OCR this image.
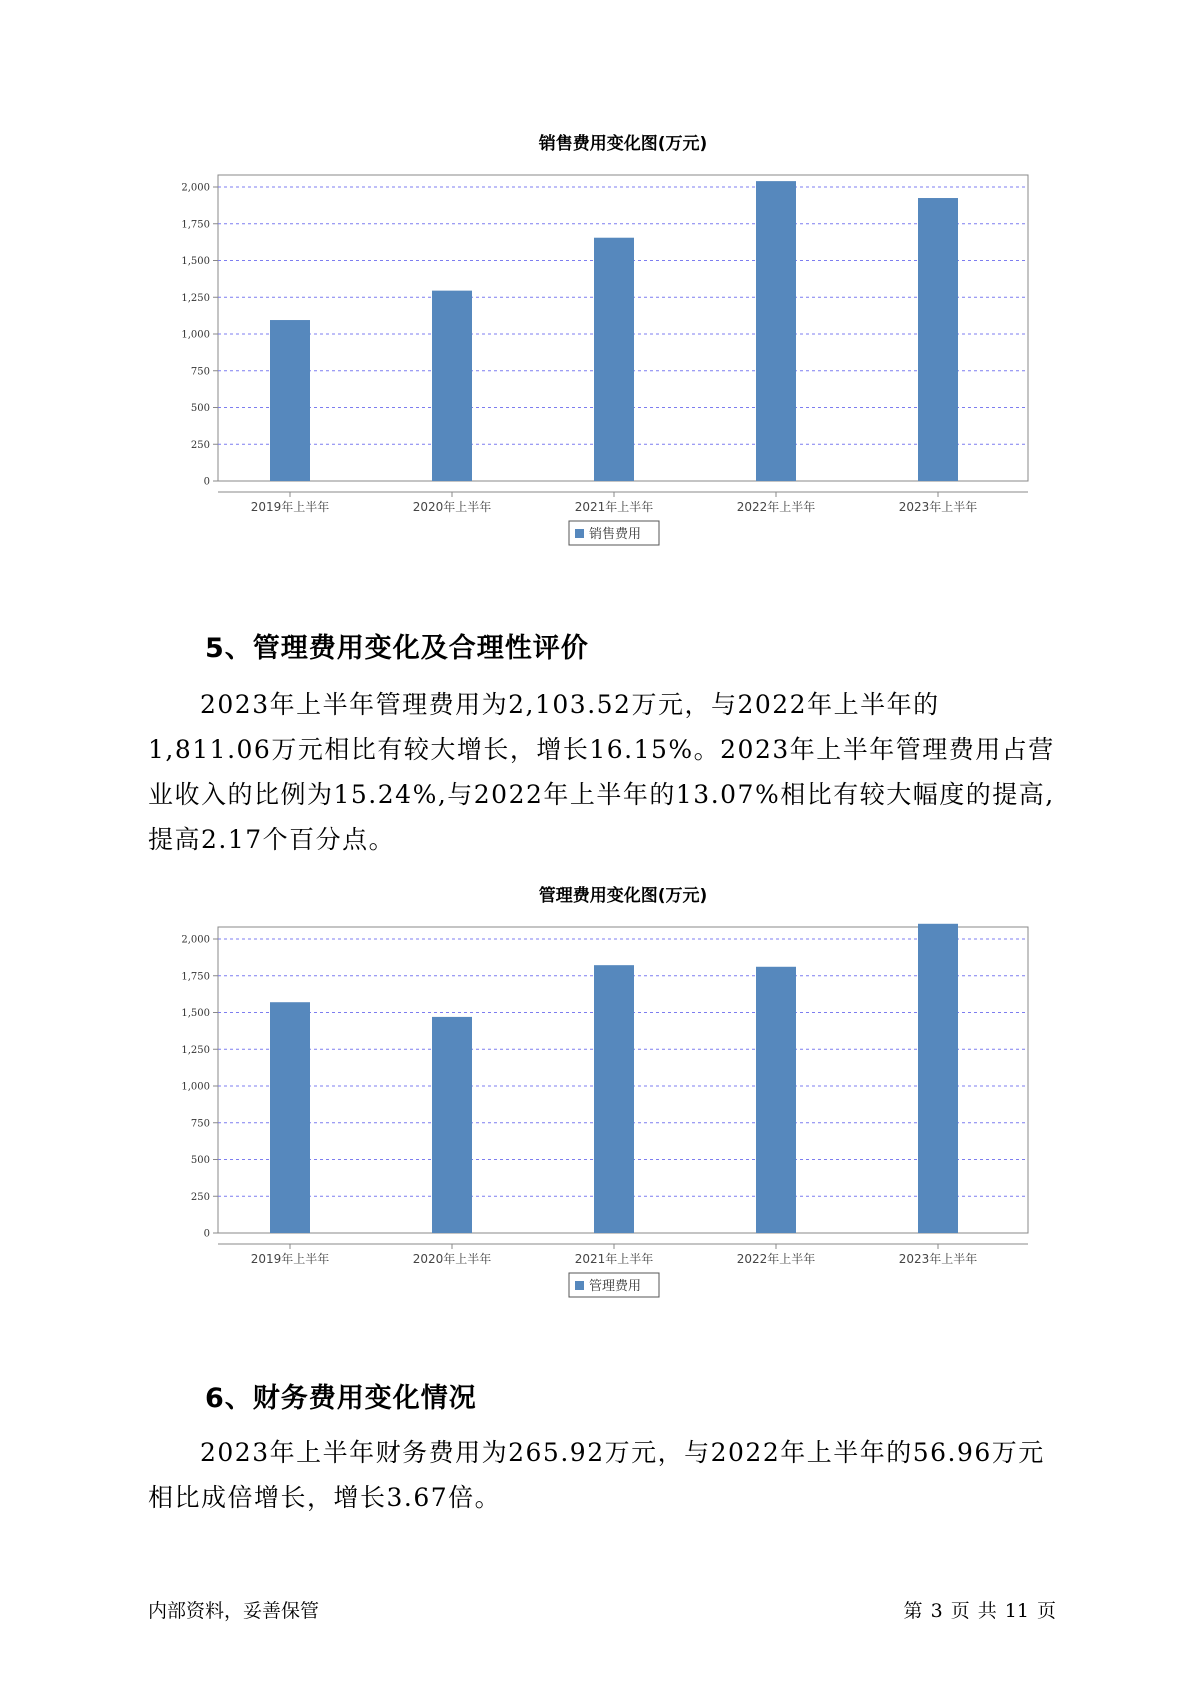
销售费用变化图(万元)
0
250
500
750
1,000
1,250
1,500
1,750
2,000
2019年上半年	2020年上半年	2021年上半年	2022年上半年	2023年上半年
销售费用
5、管理费用变化及合理性评价

2023年上半年管理费用为2,103.52万元，与2022年上半年的1,811.06万元相比有较大增长，增长16.15%。2023年上半年管理费用占营业收入的比例为15.24%,与2022年上半年的13.07%相比有较大幅度的提高,提高2.17个百分点。

管理费用变化图(万元)
0
250
500
750
1,000
1,250
1,500
1,750
2,000
2019年上半年	2020年上半年	2021年上半年	2022年上半年	2023年上半年
管理费用
6、财务费用变化情况

2023年上半年财务费用为265.92万元，与2022年上半年的56.96万元相比成倍增长，增长3.67倍。

内部资料，妥善保管	第 3 页 共 11 页
